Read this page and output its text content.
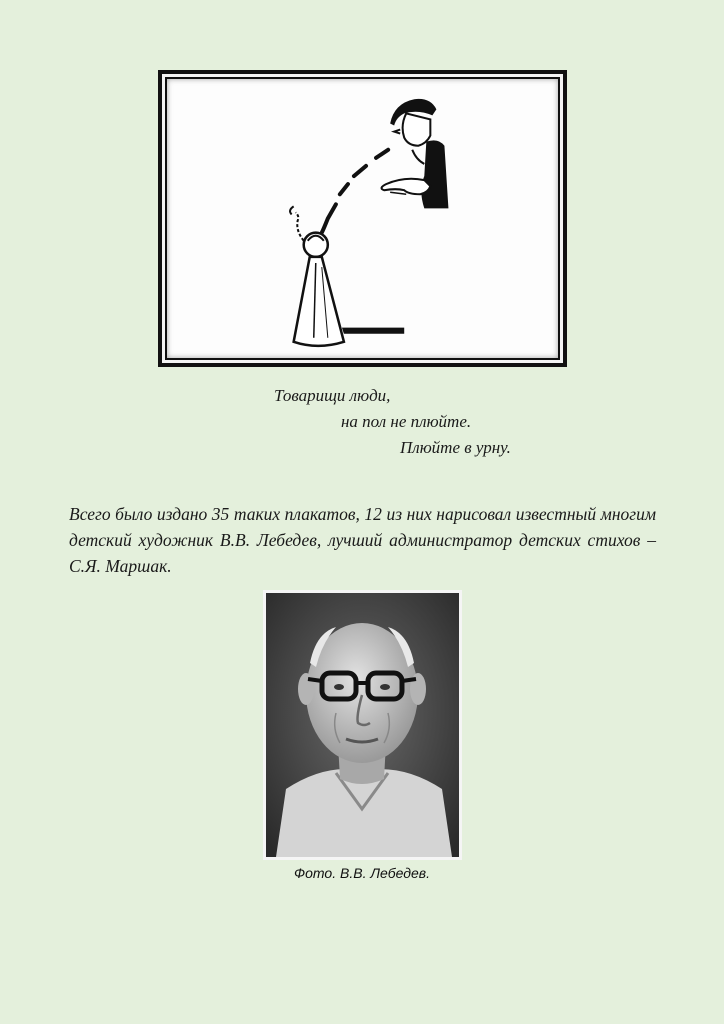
Товарищи люди,
на пол не плюйте.
Плюйте в урну.

Всего было издано 35 таких плакатов, 12 из них нарисовал известный многим детский художник В.В. Лебедев, лучший администратор детских стихов – С.Я. Маршак.

Фото. В.В. Лебедев.
